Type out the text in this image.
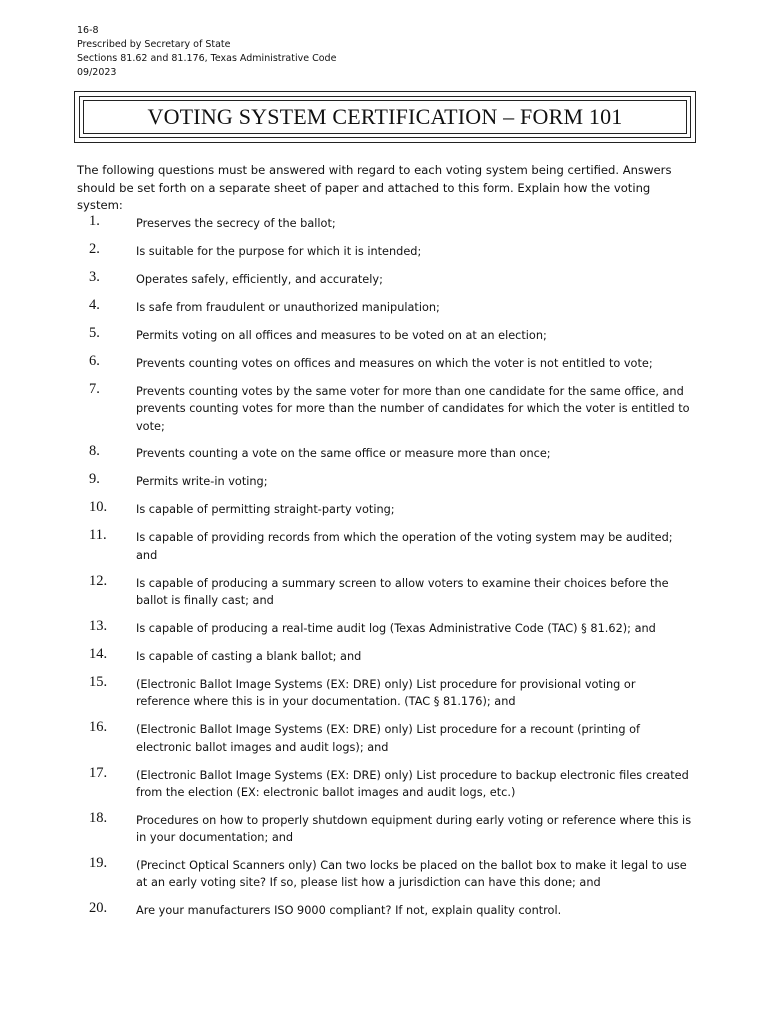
16-8
Prescribed by Secretary of State
Sections 81.62 and 81.176, Texas Administrative Code
09/2023
VOTING SYSTEM CERTIFICATION – FORM 101
The following questions must be answered with regard to each voting system being certified. Answers should be set forth on a separate sheet of paper and attached to this form. Explain how the voting system:
1.	Preserves the secrecy of the ballot;
2.	Is suitable for the purpose for which it is intended;
3.	Operates safely, efficiently, and accurately;
4.	Is safe from fraudulent or unauthorized manipulation;
5.	Permits voting on all offices and measures to be voted on at an election;
6.	Prevents counting votes on offices and measures on which the voter is not entitled to vote;
7.	Prevents counting votes by the same voter for more than one candidate for the same office, and prevents counting votes for more than the number of candidates for which the voter is entitled to vote;
8.	Prevents counting a vote on the same office or measure more than once;
9.	Permits write-in voting;
10.	Is capable of permitting straight-party voting;
11.	Is capable of providing records from which the operation of the voting system may be audited; and
12.	Is capable of producing a summary screen to allow voters to examine their choices before the ballot is finally cast; and
13.	Is capable of producing a real-time audit log (Texas Administrative Code (TAC) § 81.62); and
14.	Is capable of casting a blank ballot; and
15.	(Electronic Ballot Image Systems (EX: DRE) only) List procedure for provisional voting or reference where this is in your documentation. (TAC § 81.176); and
16.	(Electronic Ballot Image Systems (EX: DRE) only) List procedure for a recount (printing of electronic ballot images and audit logs); and
17.	(Electronic Ballot Image Systems (EX: DRE) only) List procedure to backup electronic files created from the election (EX: electronic ballot images and audit logs, etc.)
18.	Procedures on how to properly shutdown equipment during early voting or reference where this is in your documentation; and
19.	(Precinct Optical Scanners only) Can two locks be placed on the ballot box to make it legal to use at an early voting site? If so, please list how a jurisdiction can have this done; and
20.	Are your manufacturers ISO 9000 compliant? If not, explain quality control.
